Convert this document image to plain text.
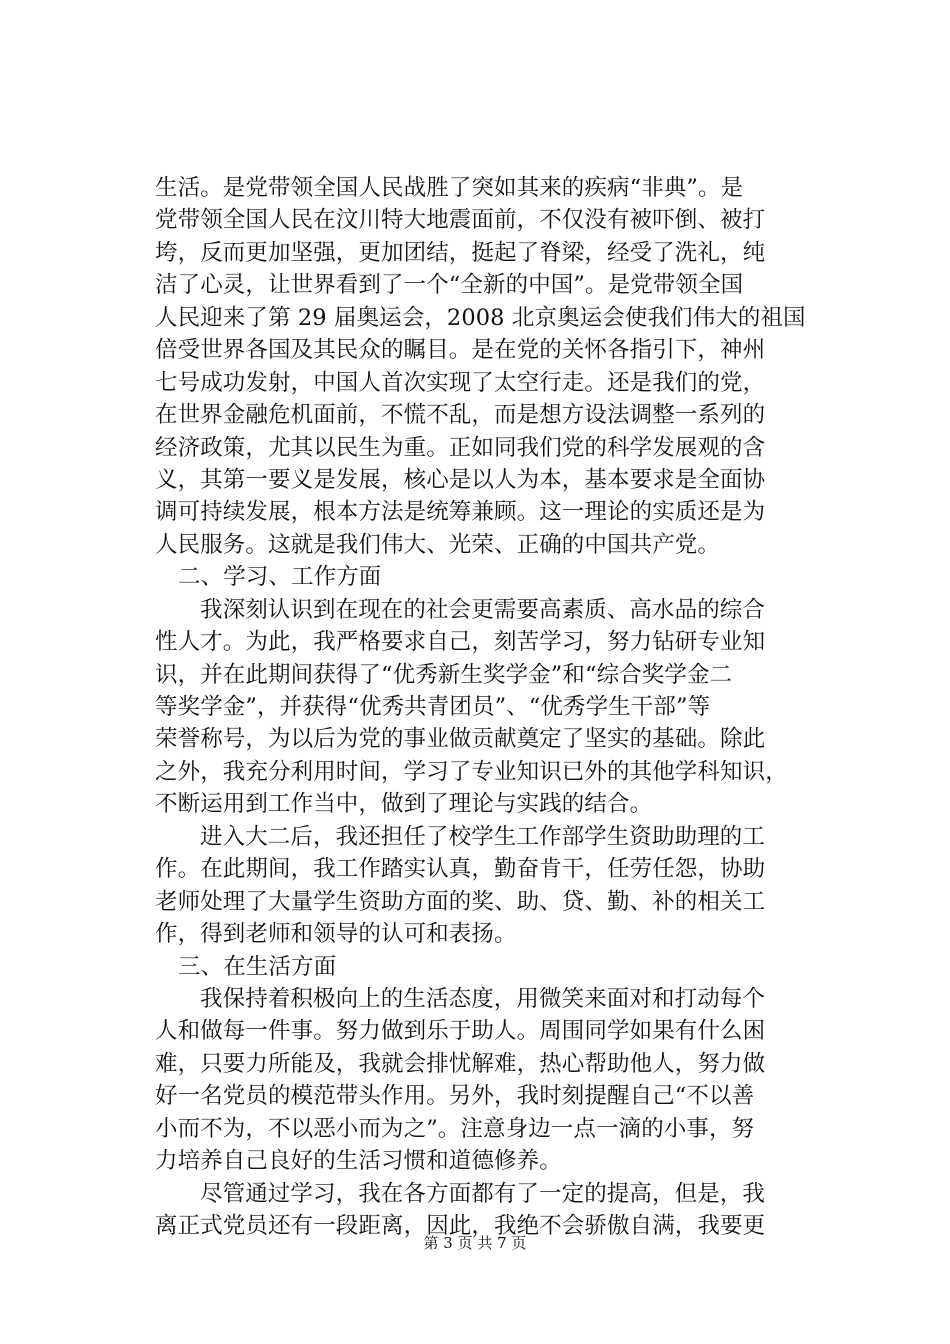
生活。是党带领全国人民战胜了突如其来的疾病“非典”。是
党带领全国人民在汶川特大地震面前，不仅没有被吓倒、被打
垮，反而更加坚强，更加团结，挺起了脊梁，经受了洗礼，纯
洁了心灵，让世界看到了一个“全新的中国”。是党带领全国
人民迎来了第 29 届奥运会，2008 北京奥运会使我们伟大的祖国
倍受世界各国及其民众的瞩目。是在党的关怀各指引下，神州
七号成功发射，中国人首次实现了太空行走。还是我们的党，
在世界金融危机面前，不慌不乱，而是想方设法调整一系列的
经济政策，尤其以民生为重。正如同我们党的科学发展观的含
义，其第一要义是发展，核心是以人为本，基本要求是全面协
调可持续发展，根本方法是统筹兼顾。这一理论的实质还是为
人民服务。这就是我们伟大、光荣、正确的中国共产党。
二、学习、工作方面
我深刻认识到在现在的社会更需要高素质、高水品的综合
性人才。为此，我严格要求自己，刻苦学习，努力钻研专业知
识，并在此期间获得了“优秀新生奖学金”和“综合奖学金二
等奖学金”，并获得“优秀共青团员”、“优秀学生干部”等
荣誉称号，为以后为党的事业做贡献奠定了坚实的基础。除此
之外，我充分利用时间，学习了专业知识已外的其他学科知识，
不断运用到工作当中，做到了理论与实践的结合。
进入大二后，我还担任了校学生工作部学生资助助理的工
作。在此期间，我工作踏实认真，勤奋肯干，任劳任怨，协助
老师处理了大量学生资助方面的奖、助、贷、勤、补的相关工
作，得到老师和领导的认可和表扬。
三、在生活方面
我保持着积极向上的生活态度，用微笑来面对和打动每个
人和做每一件事。努力做到乐于助人。周围同学如果有什么困
难，只要力所能及，我就会排忧解难，热心帮助他人，努力做
好一名党员的模范带头作用。另外，我时刻提醒自己“不以善
小而不为，不以恶小而为之”。注意身边一点一滴的小事，努
力培养自己良好的生活习惯和道德修养。
尽管通过学习，我在各方面都有了一定的提高，但是，我
离正式党员还有一段距离，因此，我绝不会骄傲自满，我要更
第 3 页 共 7 页
